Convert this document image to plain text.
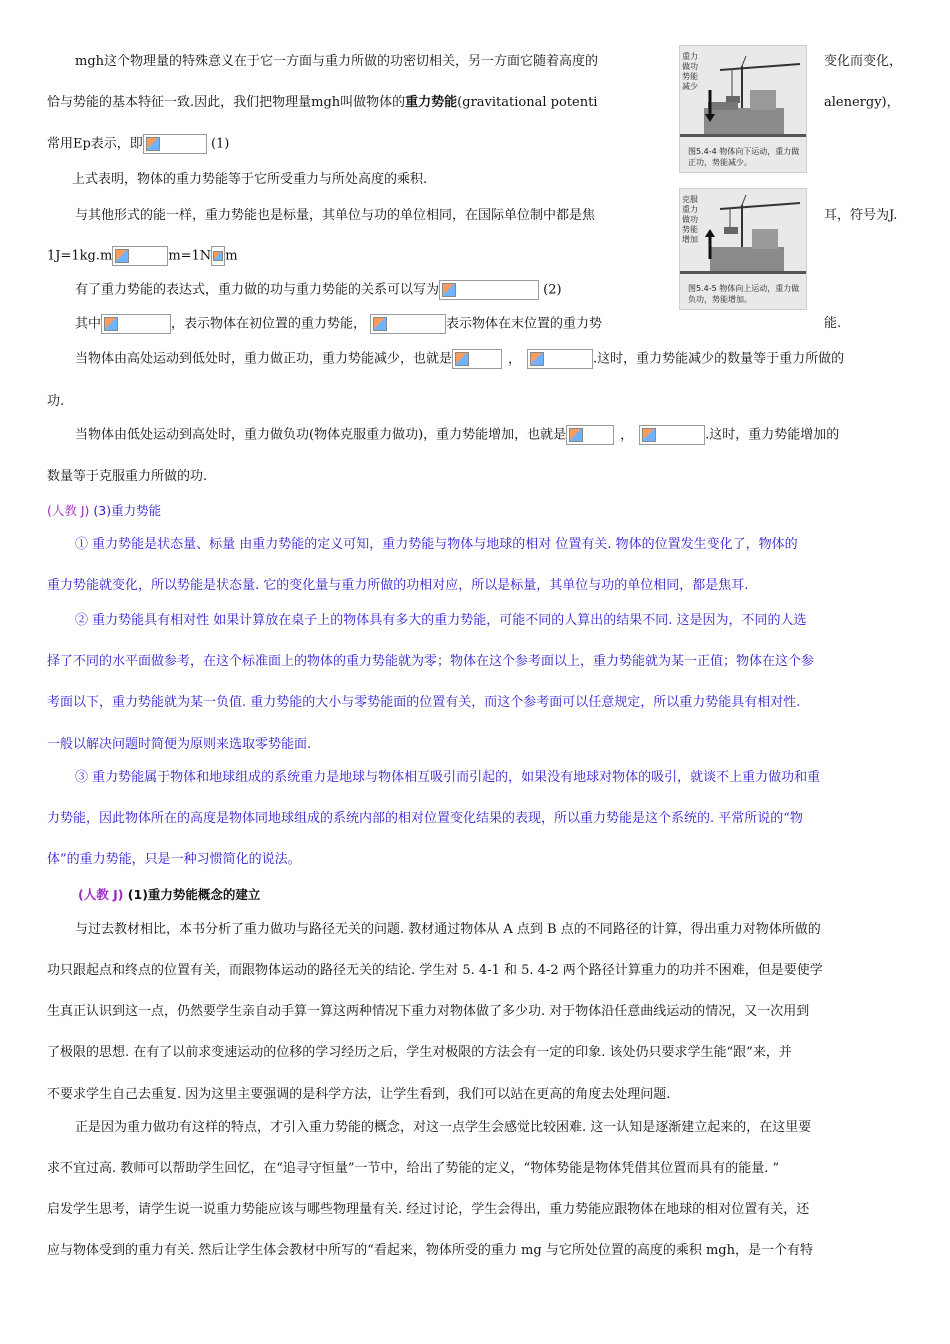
mgh这个物理量的特殊意义在于它一方面与重力所做的功密切相关，另一方面它随着高度的	变化而变化，
恰与势能的基本特征一致.因此，我们把物理量mgh叫做物体的重力势能(gravitational potenti	alenergy)，
常用Ep表示，即	(1)
上式表明，物体的重力势能等于它所受重力与所处高度的乘积.
与其他形式的能一样，重力势能也是标量，其单位与功的单位相同，在国际单位制中都是焦	耳，符号为J.
1J=1kg.m	m=1N m
有了重力势能的表达式，重力做的功与重力势能的关系可以写为	(2)
其中	，表示物体在初位置的重力势能，	表示物体在末位置的重力势	能.
当物体由高处运动到低处时，重力做正功，重力势能减少，也就是	，	.这时，重力势能减少的数量等于重力所做的
功.
当物体由低处运动到高处时，重力做负功(物体克服重力做功)，重力势能增加，也就是	，	.这时，重力势能增加的
数量等于克服重力所做的功.
(人教 J) (3)重力势能
① 重力势能是状态量、标量 由重力势能的定义可知，重力势能与物体与地球的相对 位置有关. 物体的位置发生变化了，物体的
重力势能就变化，所以势能是状态量. 它的变化量与重力所做的功相对应，所以是标量，其单位与功的单位相同，都是焦耳.
② 重力势能具有相对性 如果计算放在桌子上的物体具有多大的重力势能，可能不同的人算出的结果不同. 这是因为，不同的人选
择了不同的水平面做参考，在这个标准面上的物体的重力势能就为零；物体在这个参考面以上，重力势能就为某一正值；物体在这个参
考面以下，重力势能就为某一负值. 重力势能的大小与零势能面的位置有关，而这个参考面可以任意规定，所以重力势能具有相对性.
一般以解决问题时简便为原则来选取零势能面.
③ 重力势能属于物体和地球组成的系统重力是地球与物体相互吸引而引起的，如果没有地球对物体的吸引，就谈不上重力做功和重
力势能，因此物体所在的高度是物体同地球组成的系统内部的相对位置变化结果的表现，所以重力势能是这个系统的. 平常所说的“物
体”的重力势能，只是一种习惯简化的说法。
(人教 J) (1)重力势能概念的建立
与过去教材相比，本书分析了重力做功与路径无关的问题. 教材通过物体从 A 点到 B 点的不同路径的计算，得出重力对物体所做的
功只跟起点和终点的位置有关，而跟物体运动的路径无关的结论. 学生对 5. 4-1 和 5. 4-2 两个路径计算重力的功并不困难，但是要使学
生真正认识到这一点，仍然要学生亲自动手算一算这两种情况下重力对物体做了多少功. 对于物体沿任意曲线运动的情况，又一次用到
了极限的思想. 在有了以前求变速运动的位移的学习经历之后，学生对极限的方法会有一定的印象. 该处仍只要求学生能“跟”来，并
不要求学生自己去重复. 因为这里主要强调的是科学方法，让学生看到，我们可以站在更高的角度去处理问题.
正是因为重力做功有这样的特点，才引入重力势能的概念，对这一点学生会感觉比较困难. 这一认知是逐渐建立起来的，在这里要
求不宜过高. 教师可以帮助学生回忆，在“追寻守恒量”一节中，给出了势能的定义，“物体势能是物体凭借其位置而具有的能量. ”
启发学生思考，请学生说一说重力势能应该与哪些物理量有关. 经过讨论，学生会得出，重力势能应跟物体在地球的相对位置有关，还
应与物体受到的重力有关. 然后让学生体会教材中所写的“看起来，物体所受的重力 mg 与它所处位置的高度的乘积 mgh，是一个有特
重力做功势能减少
图5.4-4 物体向下运动，重力做正功，势能减少。
克服重力做功势能增加
图5.4-5 物体向上运动，重力做负功，势能增加。
